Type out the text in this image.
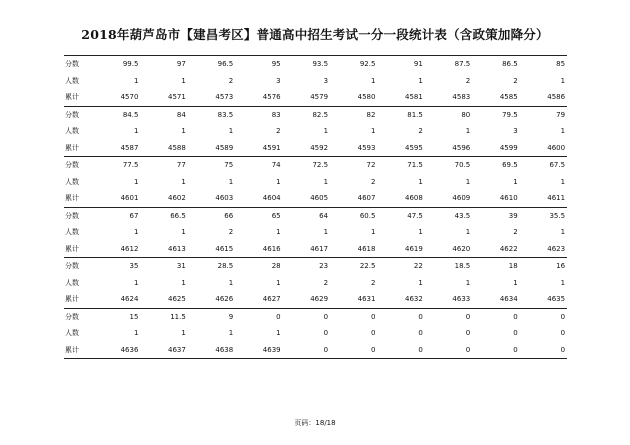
2018年葫芦岛市【建昌考区】普通高中招生考试一分一段统计表（含政策加降分）
分数	99.5	97	96.5	95	93.5	92.5	91	87.5	86.5	85
人数	1	1	2	3	3	1	1	2	2	1
累计	4570	4571	4573	4576	4579	4580	4581	4583	4585	4586
分数	84.5	84	83.5	83	82.5	82	81.5	80	79.5	79
人数	1	1	1	2	1	1	2	1	3	1
累计	4587	4588	4589	4591	4592	4593	4595	4596	4599	4600
分数	77.5	77	75	74	72.5	72	71.5	70.5	69.5	67.5
人数	1	1	1	1	1	2	1	1	1	1
累计	4601	4602	4603	4604	4605	4607	4608	4609	4610	4611
分数	67	66.5	66	65	64	60.5	47.5	43.5	39	35.5
人数	1	1	2	1	1	1	1	1	2	1
累计	4612	4613	4615	4616	4617	4618	4619	4620	4622	4623
分数	35	31	28.5	28	23	22.5	22	18.5	18	16
人数	1	1	1	1	2	2	1	1	1	1
累计	4624	4625	4626	4627	4629	4631	4632	4633	4634	4635
分数	15	11.5	9	0	0	0	0	0	0	0
人数	1	1	1	1	0	0	0	0	0	0
累计	4636	4637	4638	4639	0	0	0	0	0	0
页码：18/18
